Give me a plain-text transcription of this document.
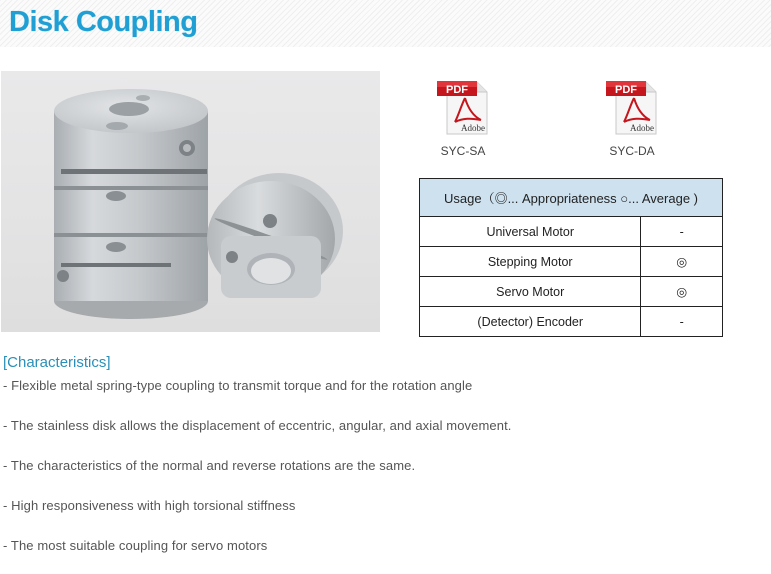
Disk Coupling
PDF
Adobe
SYC-SA
PDF
Adobe
SYC-DA
Usage（◎... Appropriateness ○... Average )	
Universal Motor	-
Stepping Motor	◎
Servo Motor	◎
(Detector) Encoder	-
[Characteristics]
- Flexible metal spring-type coupling to transmit torque and for the rotation angle
- The stainless disk allows the displacement of eccentric, angular, and axial movement.
- The characteristics of the normal and reverse rotations are the same.
- High responsiveness with high torsional stiffness
- The most suitable coupling for servo motors
